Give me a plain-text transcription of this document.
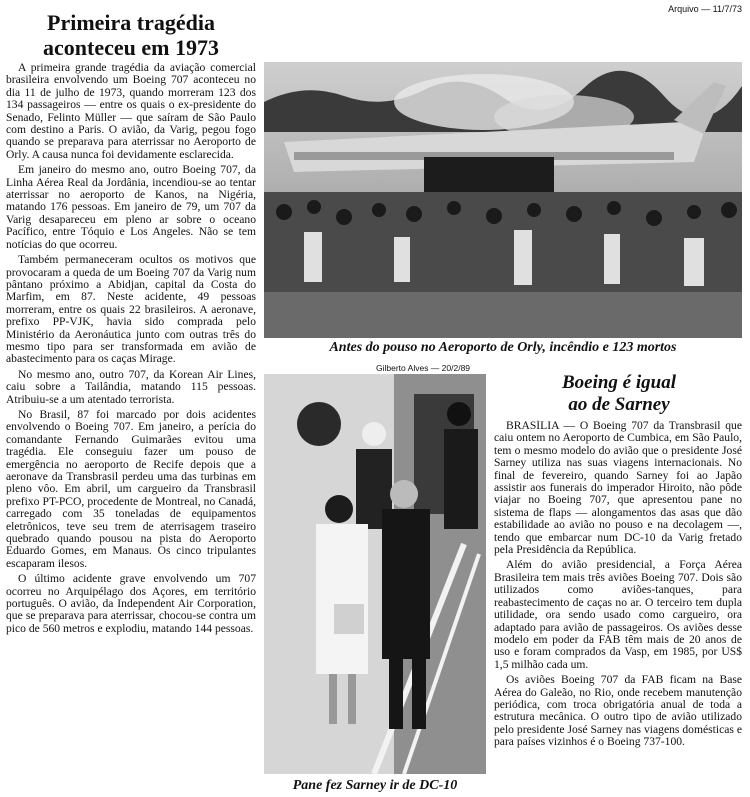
Primeira tragédia
aconteceu em 1973

A primeira grande tragédia da aviação comercial brasileira envolvendo um Boeing 707 aconteceu no dia 11 de julho de 1973, quando morreram 123 dos 134 passageiros — entre os quais o ex-presidente do Senado, Felinto Müller — que saíram de São Paulo com destino a Paris. O avião, da Varig, pegou fogo quando se preparava para aterrissar no Aeroporto de Orly. A causa nunca foi devidamente esclarecida.

Em janeiro do mesmo ano, outro Boeing 707, da Linha Aérea Real da Jordânia, incendiou-se ao tentar aterrissar no aeroporto de Kanos, na Nigéria, matando 176 pessoas. Em janeiro de 79, um 707 da Varig desapareceu em pleno ar sobre o oceano Pacífico, entre Tóquio e Los Angeles. Não se tem notícias do que ocorreu.

Também permaneceram ocultos os motivos que provocaram a queda de um Boeing 707 da Varig num pântano próximo a Abidjan, capital da Costa do Marfim, em 87. Neste acidente, 49 pessoas morreram, entre os quais 22 brasileiros. A aeronave, prefixo PP-VJK, havia sido comprada pelo Ministério da Aeronáutica junto com outras três do mesmo tipo para ser transformada em avião de abastecimento para os caças Mirage.

No mesmo ano, outro 707, da Korean Air Lines, caiu sobre a Tailândia, matando 115 pessoas. Atribuiu-se a um atentado terrorista.

No Brasil, 87 foi marcado por dois acidentes envolvendo o Boeing 707. Em janeiro, a perícia do comandante Fernando Guimarães evitou uma tragédia. Ele conseguiu fazer um pouso de emergência no aeroporto de Recife depois que a aeronave da Transbrasil perdeu uma das turbinas em pleno vôo. Em abril, um cargueiro da Transbrasil prefixo PT-PCO, procedente de Montreal, no Canadá, carregado com 35 toneladas de equipamentos eletrônicos, teve seu trem de aterrisagem traseiro quebrado quando pousou na pista do Aeroporto Eduardo Gomes, em Manaus. Os cinco tripulantes escaparam ilesos.

O último acidente grave envolvendo um 707 ocorreu no Arquipélago dos Açores, em território português. O avião, da Independent Air Corporation, que se preparava para aterrissar, chocou-se contra um pico de 560 metros e explodiu, matando 144 pessoas.

Arquivo — 11/7/73
Antes do pouso no Aeroporto de Orly, incêndio e 123 mortos
Gilberto Alves — 20/2/89
Pane fez Sarney ir de DC-10
Boeing é igual
ao de Sarney

BRASÍLIA — O Boeing 707 da Transbrasil que caiu ontem no Aeroporto de Cumbica, em São Paulo, tem o mesmo modelo do avião que o presidente José Sarney utiliza nas suas viagens internacionais. No final de fevereiro, quando Sarney foi ao Japão assistir aos funerais do imperador Hiroito, não pôde viajar no Boeing 707, que apresentou pane no sistema de flaps — alongamentos das asas que dão estabilidade ao avião no pouso e na decolagem —, tendo que embarcar num DC-10 da Varig fretado pela Presidência da República.

Além do avião presidencial, a Força Aérea Brasileira tem mais três aviões Boeing 707. Dois são utilizados como aviões-tanques, para reabastecimento de caças no ar. O terceiro tem dupla utilidade, ora sendo usado como cargueiro, ora adaptado para avião de passageiros. Os aviões desse modelo em poder da FAB têm mais de 20 anos de uso e foram comprados da Vasp, em 1985, por US$ 1,5 milhão cada um.

Os aviões Boeing 707 da FAB ficam na Base Aérea do Galeão, no Rio, onde recebem manutenção periódica, com troca obrigatória anual de toda a estrutura mecânica. O outro tipo de avião utilizado pelo presidente José Sarney nas viagens domésticas e para países vizinhos é o Boeing 737-100.
